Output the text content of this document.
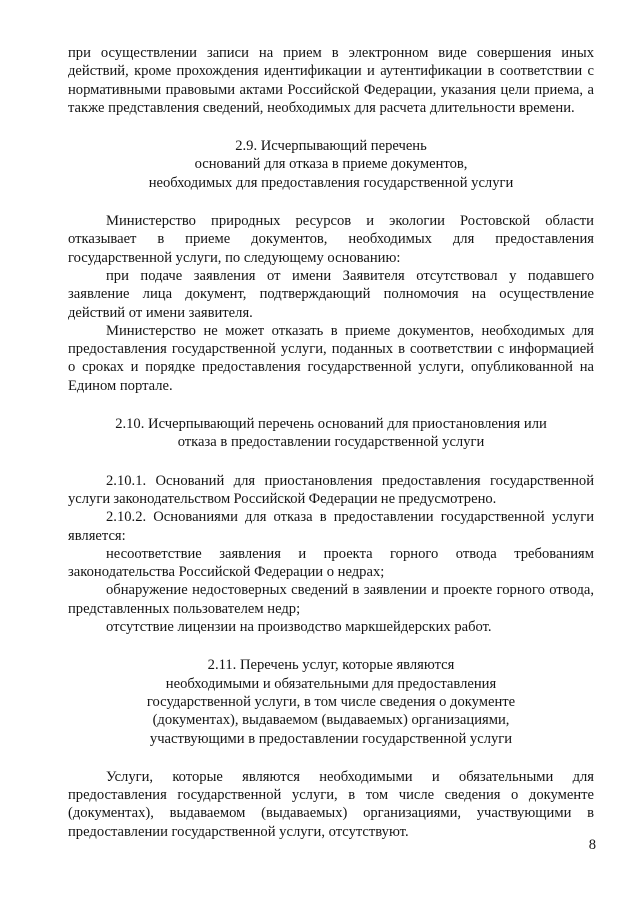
при осуществлении записи на прием в электронном виде совершения иных действий, кроме прохождения идентификации и аутентификации в соответствии с нормативными правовыми актами Российской Федерации, указания цели приема, а также представления сведений, необходимых для расчета длительности времени.

2.9. Исчерпывающий перечень

оснований для отказа в приеме документов,

необходимых для предоставления государственной услуги

Министерство природных ресурсов и экологии Ростовской области отказывает в приеме документов, необходимых для предоставления государственной услуги, по следующему основанию:

при подаче заявления от имени Заявителя отсутствовал у подавшего заявление лица документ, подтверждающий полномочия на осуществление действий от имени заявителя.

Министерство не может отказать в приеме документов, необходимых для предоставления государственной услуги, поданных в соответствии с информацией о сроках и порядке предоставления государственной услуги, опубликованной на Едином портале.

2.10. Исчерпывающий перечень оснований для приостановления или

отказа в предоставлении государственной услуги

2.10.1. Оснований для приостановления предоставления государственной услуги законодательством Российской Федерации не предусмотрено.

2.10.2. Основаниями для отказа в предоставлении государственной услуги является:

несоответствие заявления и проекта горного отвода требованиям законодательства Российской Федерации о недрах;

обнаружение недостоверных сведений в заявлении и проекте горного отвода, представленных пользователем недр;

отсутствие лицензии на производство маркшейдерских работ.

2.11. Перечень услуг, которые являются

необходимыми и обязательными для предоставления

государственной услуги, в том числе сведения о документе

(документах), выдаваемом (выдаваемых) организациями,

участвующими в предоставлении государственной услуги

Услуги, которые являются необходимыми и обязательными для предоставления государственной услуги, в том числе сведения о документе (документах), выдаваемом (выдаваемых) организациями, участвующими в предоставлении государственной услуги, отсутствуют.

8
